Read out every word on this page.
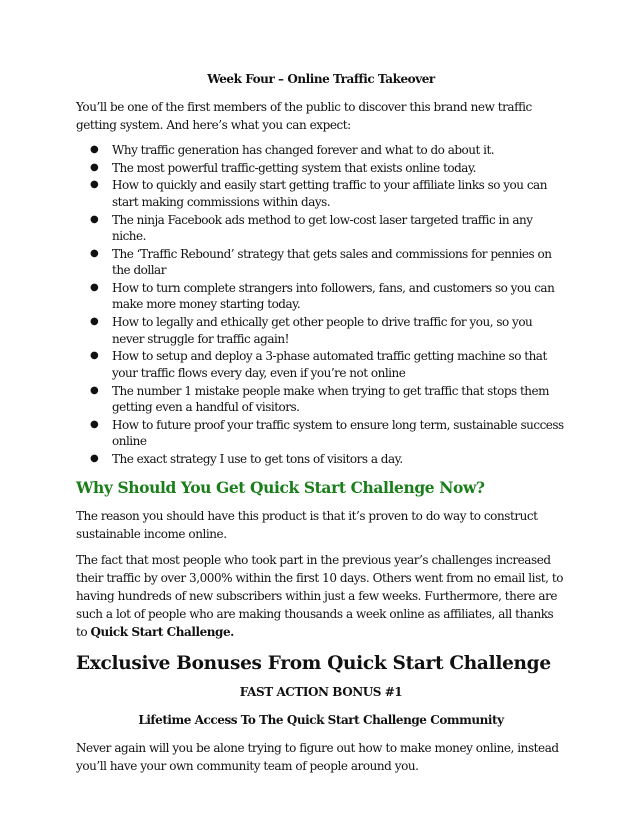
Week Four – Online Traffic Takeover

You’ll be one of the first members of the public to discover this brand new traffic getting system. And here’s what you can expect:

● Why traffic generation has changed forever and what to do about it.
● The most powerful traffic-getting system that exists online today.
● How to quickly and easily start getting traffic to your affiliate links so you can start making commissions within days.
● The ninja Facebook ads method to get low-cost laser targeted traffic in any niche.
● The ‘Traffic Rebound’ strategy that gets sales and commissions for pennies on the dollar
● How to turn complete strangers into followers, fans, and customers so you can make more money starting today.
● How to legally and ethically get other people to drive traffic for you, so you never struggle for traffic again!
● How to setup and deploy a 3-phase automated traffic getting machine so that your traffic flows every day, even if you’re not online
● The number 1 mistake people make when trying to get traffic that stops them getting even a handful of visitors.
● How to future proof your traffic system to ensure long term, sustainable success online
● The exact strategy I use to get tons of visitors a day.
Why Should You Get Quick Start Challenge Now?

The reason you should have this product is that it’s proven to do way to construct sustainable income online.

The fact that most people who took part in the previous year’s challenges increased their traffic by over 3,000% within the first 10 days. Others went from no email list, to having hundreds of new subscribers within just a few weeks. Furthermore, there are such a lot of people who are making thousands a week online as affiliates, all thanks to Quick Start Challenge.

Exclusive Bonuses From Quick Start Challenge

FAST ACTION BONUS #1

Lifetime Access To The Quick Start Challenge Community

Never again will you be alone trying to figure out how to make money online, instead you’ll have your own community team of people around you.
